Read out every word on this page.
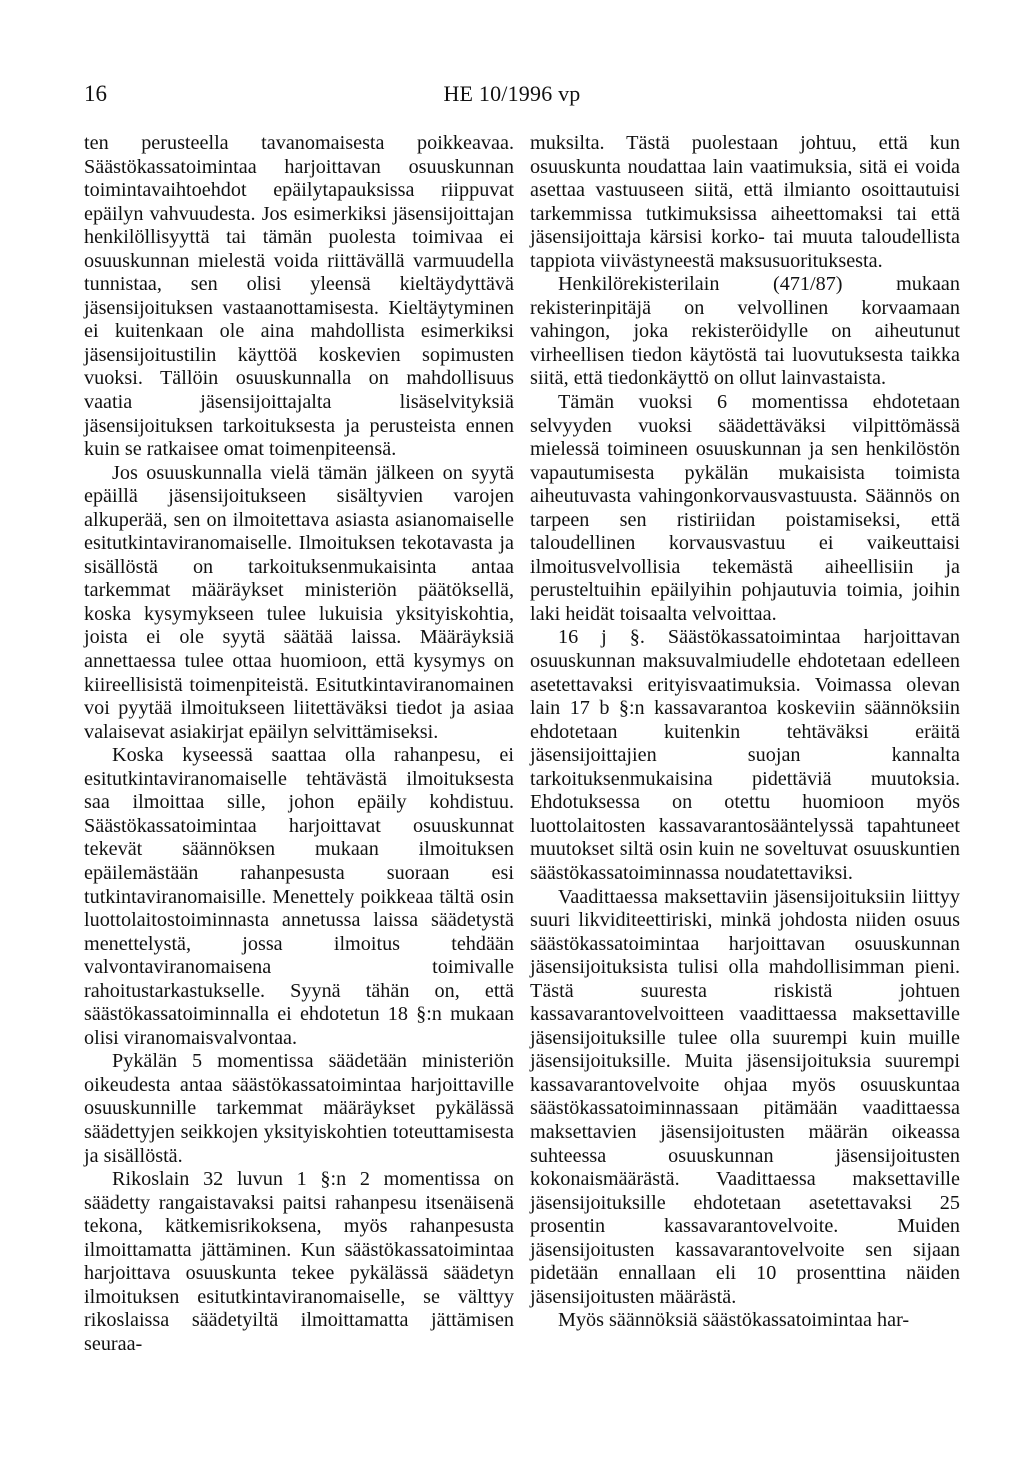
16	HE 10/1996 vp

ten perusteella tavanomaisesta poikkeavaa. Säästökassatoimintaa harjoittavan osuuskunnan toimintavaihtoehdot epäilytapauksissa riippuvat epäilyn vahvuudesta. Jos esimerkiksi jäsensijoittajan henkilöllisyyttä tai tämän puolesta toimivaa ei osuuskunnan mielestä voida riittävällä varmuudella tunnistaa, sen olisi yleensä kieltäydyttävä jäsensijoituksen vastaanottamisesta. Kieltäytyminen ei kuitenkaan ole aina mahdollista esimerkiksi jäsensijoitustilin käyttöä koskevien sopimusten vuoksi. Tällöin osuuskunnalla on mahdollisuus vaatia jäsensijoittajalta lisäselvityksiä jäsensijoituksen tarkoituksesta ja perusteista ennen kuin se ratkaisee omat toimenpiteensä.

Jos osuuskunnalla vielä tämän jälkeen on syytä epäillä jäsensijoitukseen sisältyvien varojen alkuperää, sen on ilmoitettava asiasta asianomaiselle esitutkintaviranomaiselle. Ilmoituksen tekotavasta ja sisällöstä on tarkoituksenmukaisinta antaa tarkemmat määräykset ministeriön päätöksellä, koska kysymykseen tulee lukuisia yksityiskohtia, joista ei ole syytä säätää laissa. Määräyksiä annettaessa tulee ottaa huomioon, että kysymys on kiireellisistä toimenpiteistä. Esitutkintaviranomainen voi pyytää ilmoitukseen liitettäväksi tiedot ja asiaa valaisevat asiakirjat epäilyn selvittämiseksi.

Koska kyseessä saattaa olla rahanpesu, ei esitutkintaviranomaiselle tehtävästä ilmoituksesta saa ilmoittaa sille, johon epäily kohdistuu. Säästökassatoimintaa harjoittavat osuuskunnat tekevät säännöksen mukaan ilmoituksen epäilemästään rahanpesusta suoraan esi tutkintaviranomaisille. Menettely poikkeaa tältä osin luottolaitostoiminnasta annetussa laissa säädetystä menettelystä, jossa ilmoitus tehdään valvontaviranomaisena toimivalle rahoitustarkastukselle. Syynä tähän on, että säästökassatoiminnalla ei ehdotetun 18 §:n mukaan olisi viranomaisvalvontaa.

Pykälän 5 momentissa säädetään ministeriön oikeudesta antaa säästökassatoimintaa harjoittaville osuuskunnille tarkemmat määräykset pykälässä säädettyjen seikkojen yksityiskohtien toteuttamisesta ja sisällöstä.

Rikoslain 32 luvun 1 §:n 2 momentissa on säädetty rangaistavaksi paitsi rahanpesu itsenäisenä tekona, kätkemisrikoksena, myös rahanpesusta ilmoittamatta jättäminen. Kun säästökassatoimintaa harjoittava osuuskunta tekee pykälässä säädetyn ilmoituksen esitutkintaviranomaiselle, se välttyy rikoslaissa säädetyiltä ilmoittamatta jättämisen seuraa-

muksilta. Tästä puolestaan johtuu, että kun osuuskunta noudattaa lain vaatimuksia, sitä ei voida asettaa vastuuseen siitä, että ilmianto osoittautuisi tarkemmissa tutkimuksissa aiheettomaksi tai että jäsensijoittaja kärsisi korko- tai muuta taloudellista tappiota viivästyneestä maksusuorituksesta.

Henkilörekisterilain (471/87) mukaan rekisterinpitäjä on velvollinen korvaamaan vahingon, joka rekisteröidylle on aiheutunut virheellisen tiedon käytöstä tai luovutuksesta taikka siitä, että tiedonkäyttö on ollut lainvastaista.

Tämän vuoksi 6 momentissa ehdotetaan selvyyden vuoksi säädettäväksi vilpittömässä mielessä toimineen osuuskunnan ja sen henkilöstön vapautumisesta pykälän mukaisista toimista aiheutuvasta vahingonkorvausvastuusta. Säännös on tarpeen sen ristiriidan poistamiseksi, että taloudellinen korvausvastuu ei vaikeuttaisi ilmoitusvelvollisia tekemästä aiheellisiin ja perusteltuihin epäilyihin pohjautuvia toimia, joihin laki heidät toisaalta velvoittaa.

16 j §. Säästökassatoimintaa harjoittavan osuuskunnan maksuvalmiudelle ehdotetaan edelleen asetettavaksi erityisvaatimuksia. Voimassa olevan lain 17 b §:n kassavarantoa koskeviin säännöksiin ehdotetaan kuitenkin tehtäväksi eräitä jäsensijoittajien suojan kannalta tarkoituksenmukaisina pidettäviä muutoksia. Ehdotuksessa on otettu huomioon myös luottolaitosten kassavarantosääntelyssä tapahtuneet muutokset siltä osin kuin ne soveltuvat osuuskuntien säästökassatoiminnassa noudatettaviksi.

Vaadittaessa maksettaviin jäsensijoituksiin liittyy suuri likviditeettiriski, minkä johdosta niiden osuus säästökassatoimintaa harjoittavan osuuskunnan jäsensijoituksista tulisi olla mahdollisimman pieni. Tästä suuresta riskistä johtuen kassavarantovelvoitteen vaadittaessa maksettaville jäsensijoituksille tulee olla suurempi kuin muille jäsensijoituksille. Muita jäsensijoituksia suurempi kassavarantovelvoite ohjaa myös osuuskuntaa säästökassatoiminnassaan pitämään vaadittaessa maksettavien jäsensijoitusten määrän oikeassa suhteessa osuuskunnan jäsensijoitusten kokonaismäärästä. Vaadittaessa maksettaville jäsensijoituksille ehdotetaan asetettavaksi 25 prosentin kassavarantovelvoite. Muiden jäsensijoitusten kassavarantovelvoite sen sijaan pidetään ennallaan eli 10 prosenttina näiden jäsensijoitusten määrästä.

Myös säännöksiä säästökassatoimintaa har-
